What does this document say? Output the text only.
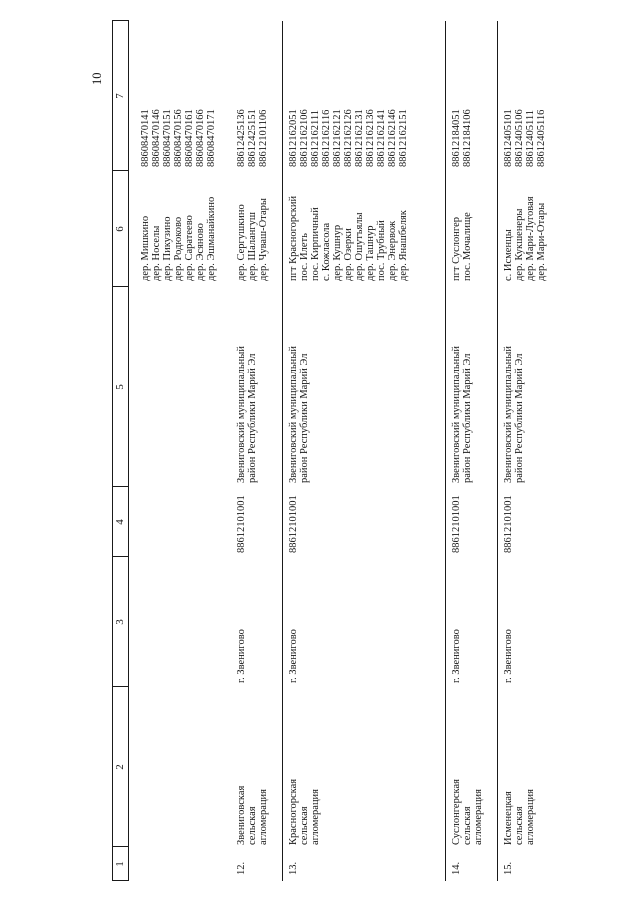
10
1
2
3
4
5
6
7
12.
Звениговская сельская агломерация
г. Звенигово
88612101001
Звениговский муниципальный район Республики Марий Эл
дер. Мишкино дер. Носелы дер. Пикузино дер. Родюково дер. Саратеево дер. Эсяново дер. Эшманайкино
88608470141 88608470146 88608470151 88608470156 88608470161 88608470166 88608470171
дер. Сергушкино дер. Шалангуш дер. Чуваш-Отары
88612425136 88612425151 88612101106
13.
Красногорская сельская агломерация
г. Звенигово
88612101001
Звениговский муниципальный район Республики Марий Эл
пгт Красногорский пос. Илеть пос. Кирпичный с. Кожласола дер. Кушнур дер. Озерки дер. Ошутъялы дер. Ташнур пос. Трубный дер. Энервож дер. Янашбеляк
88612162051 88612162106 88612162111 88612162116 88612162121 88612162126 88612162131 88612162136 88612162141 88612162146 88612162151
14.
Суслонгерская сельская агломерация
г. Звенигово
88612101001
Звениговский муниципальный район Республики Марий Эл
пгт Суслонгер пос. Мочалище
88612184051 88612184106
15.
Исменецкая сельская агломерация
г. Звенигово
88612101001
Звениговский муниципальный район Республики Марий Эл
с. Исменцы дер. Кукшенеры дер. Мари-Луговая дер. Мари-Отары
88612405101 88612405106 88612405111 88612405116
